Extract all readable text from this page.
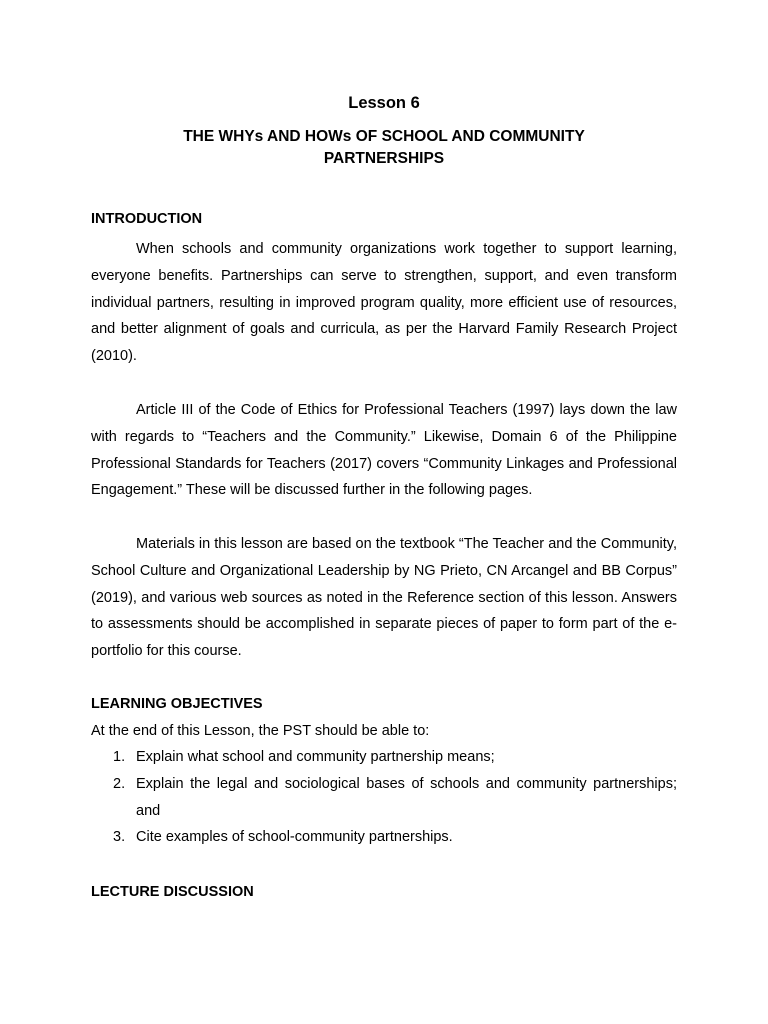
Lesson 6
THE WHYs AND HOWs OF SCHOOL AND COMMUNITY PARTNERSHIPS
INTRODUCTION

When schools and community organizations work together to support learning, everyone benefits. Partnerships can serve to strengthen, support, and even transform individual partners, resulting in improved program quality, more efficient use of resources, and better alignment of goals and curricula, as per the Harvard Family Research Project (2010).

Article III of the Code of Ethics for Professional Teachers (1997) lays down the law with regards to “Teachers and the Community.” Likewise, Domain 6 of the Philippine Professional Standards for Teachers (2017) covers “Community Linkages and Professional Engagement.” These will be discussed further in the following pages.

Materials in this lesson are based on the textbook “The Teacher and the Community, School Culture and Organizational Leadership by NG Prieto, CN Arcangel and BB Corpus” (2019), and various web sources as noted in the Reference section of this lesson. Answers to assessments should be accomplished in separate pieces of paper to form part of the e-portfolio for this course.

LEARNING OBJECTIVES

At the end of this Lesson, the PST should be able to:

1. Explain what school and community partnership means;
2. Explain the legal and sociological bases of schools and community partnerships; and
3. Cite examples of school-community partnerships.
LECTURE DISCUSSION
